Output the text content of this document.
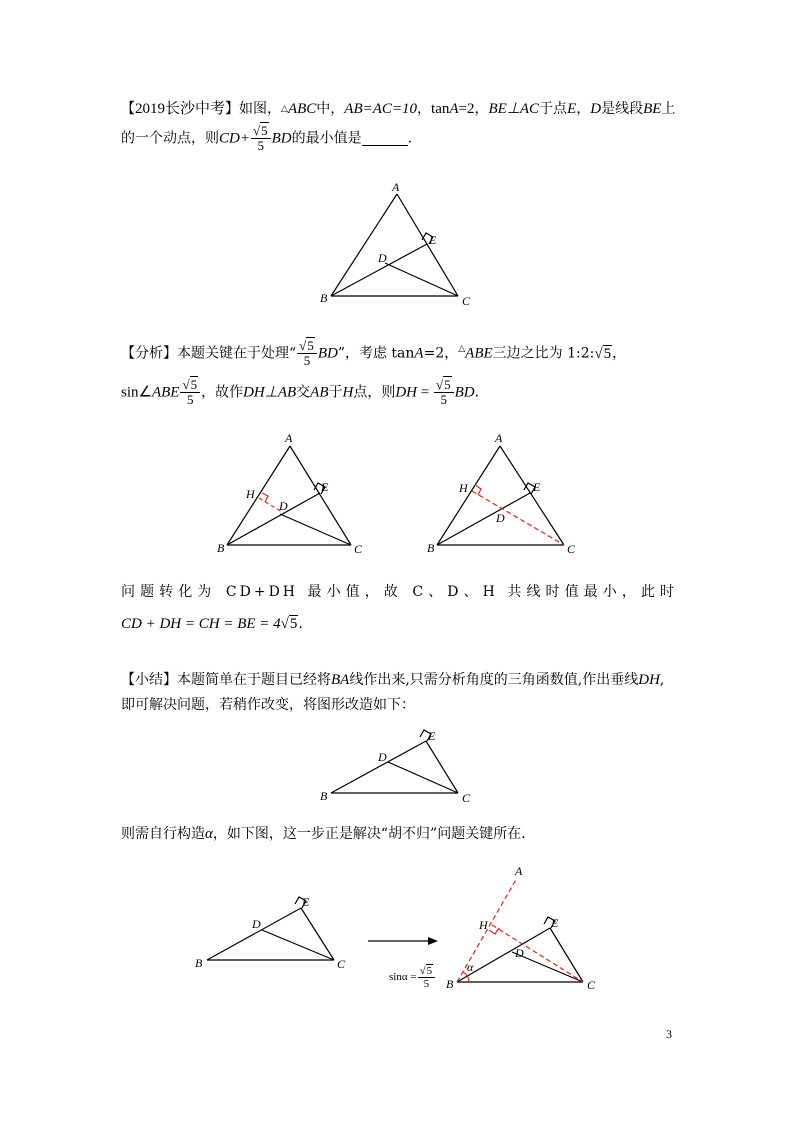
【2019长沙中考】如图，△ABC中，AB=AC=10，tanA=2，BE⊥AC于点E，D是线段BE上
的一个动点，则$CD+ \frac{√5}{5}$ BD的最小值是	.
A
B	C
D
E
【分析】本题关键在于处理“ $\frac{√5}{5}$ BD”，考虑 tanA=2，△ABE三边之比为 1:2:√5，
sin∠ABE $\frac{√5}{5}$ ，故作DH⊥AB交AB于H点，则DH = $\frac{√5}{5}$ BD.
A
B	C
D
E
H
A
B	C
D
E
H
问题转化为 CD+DH 最小值，故 C、D、H 共线时值最小，此时
CD + DH = CH = BE = 4√5.
【小结】本题简单在于题目已经将BA线作出来,只需分析角度的三角函数值,作出垂线DH,
即可解决问题，若稍作改变，将图形改造如下：
B	C
D
E
则需自行构造α，如下图，这一步正是解决“胡不归”问题关键所在．
B	C
D
E
A
B	C
D
E
H
α
$\sin\alpha = \frac{√5}{5}$
3
